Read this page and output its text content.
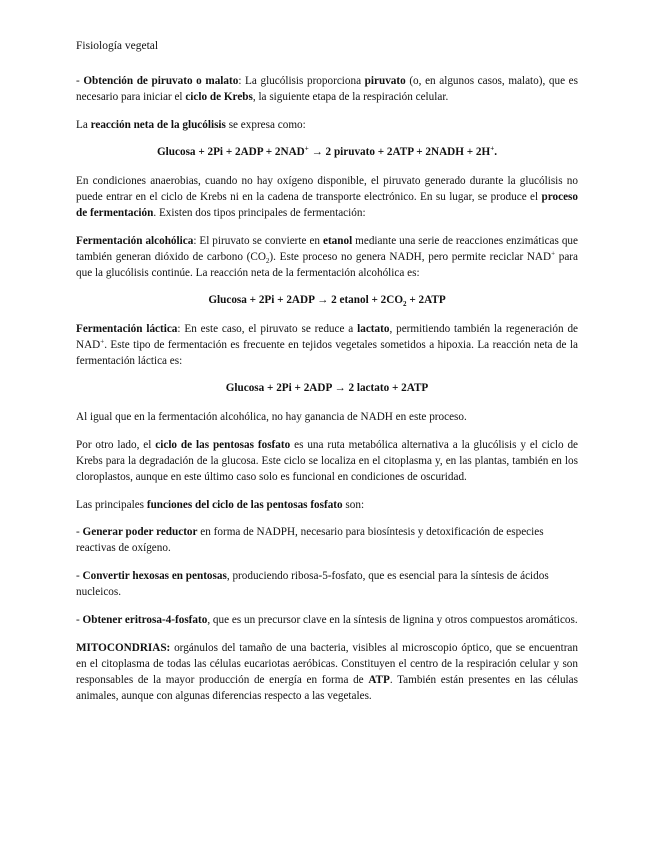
Fisiología vegetal

- Obtención de piruvato o malato: La glucólisis proporciona piruvato (o, en algunos casos, malato), que es necesario para iniciar el ciclo de Krebs, la siguiente etapa de la respiración celular.

La reacción neta de la glucólisis se expresa como:

Glucosa + 2Pi + 2ADP + 2NAD+ → 2 piruvato + 2ATP + 2NADH + 2H+.

En condiciones anaerobias, cuando no hay oxígeno disponible, el piruvato generado durante la glucólisis no puede entrar en el ciclo de Krebs ni en la cadena de transporte electrónico. En su lugar, se produce el proceso de fermentación. Existen dos tipos principales de fermentación:

Fermentación alcohólica: El piruvato se convierte en etanol mediante una serie de reacciones enzimáticas que también generan dióxido de carbono $(CO_2)$. Este proceso no genera NADH, pero permite reciclar NAD+ para que la glucólisis continúe. La reacción neta de la fermentación alcohólica es:

Glucosa + 2Pi + 2ADP → 2 etanol + $2CO_2 + 2ATP$

Fermentación láctica: En este caso, el piruvato se reduce a lactato, permitiendo también la regeneración de NAD+. Este tipo de fermentación es frecuente en tejidos vegetales sometidos a hipoxia. La reacción neta de la fermentación láctica es:

Glucosa + 2Pi + 2ADP → 2 lactato + 2ATP

Al igual que en la fermentación alcohólica, no hay ganancia de NADH en este proceso.

Por otro lado, el ciclo de las pentosas fosfato es una ruta metabólica alternativa a la glucólisis y el ciclo de Krebs para la degradación de la glucosa. Este ciclo se localiza en el citoplasma y, en las plantas, también en los cloroplastos, aunque en este último caso solo es funcional en condiciones de oscuridad.

Las principales funciones del ciclo de las pentosas fosfato son:

- Generar poder reductor en forma de NADPH, necesario para biosíntesis y detoxificación de especies reactivas de oxígeno.

- Convertir hexosas en pentosas, produciendo ribosa-5-fosfato, que es esencial para la síntesis de ácidos nucleicos.

- Obtener eritrosa-4-fosfato, que es un precursor clave en la síntesis de lignina y otros compuestos aromáticos.

MITOCONDRIAS: orgánulos del tamaño de una bacteria, visibles al microscopio óptico, que se encuentran en el citoplasma de todas las células eucariotas aeróbicas. Constituyen el centro de la respiración celular y son responsables de la mayor producción de energía en forma de ATP. También están presentes en las células animales, aunque con algunas diferencias respecto a las vegetales.
